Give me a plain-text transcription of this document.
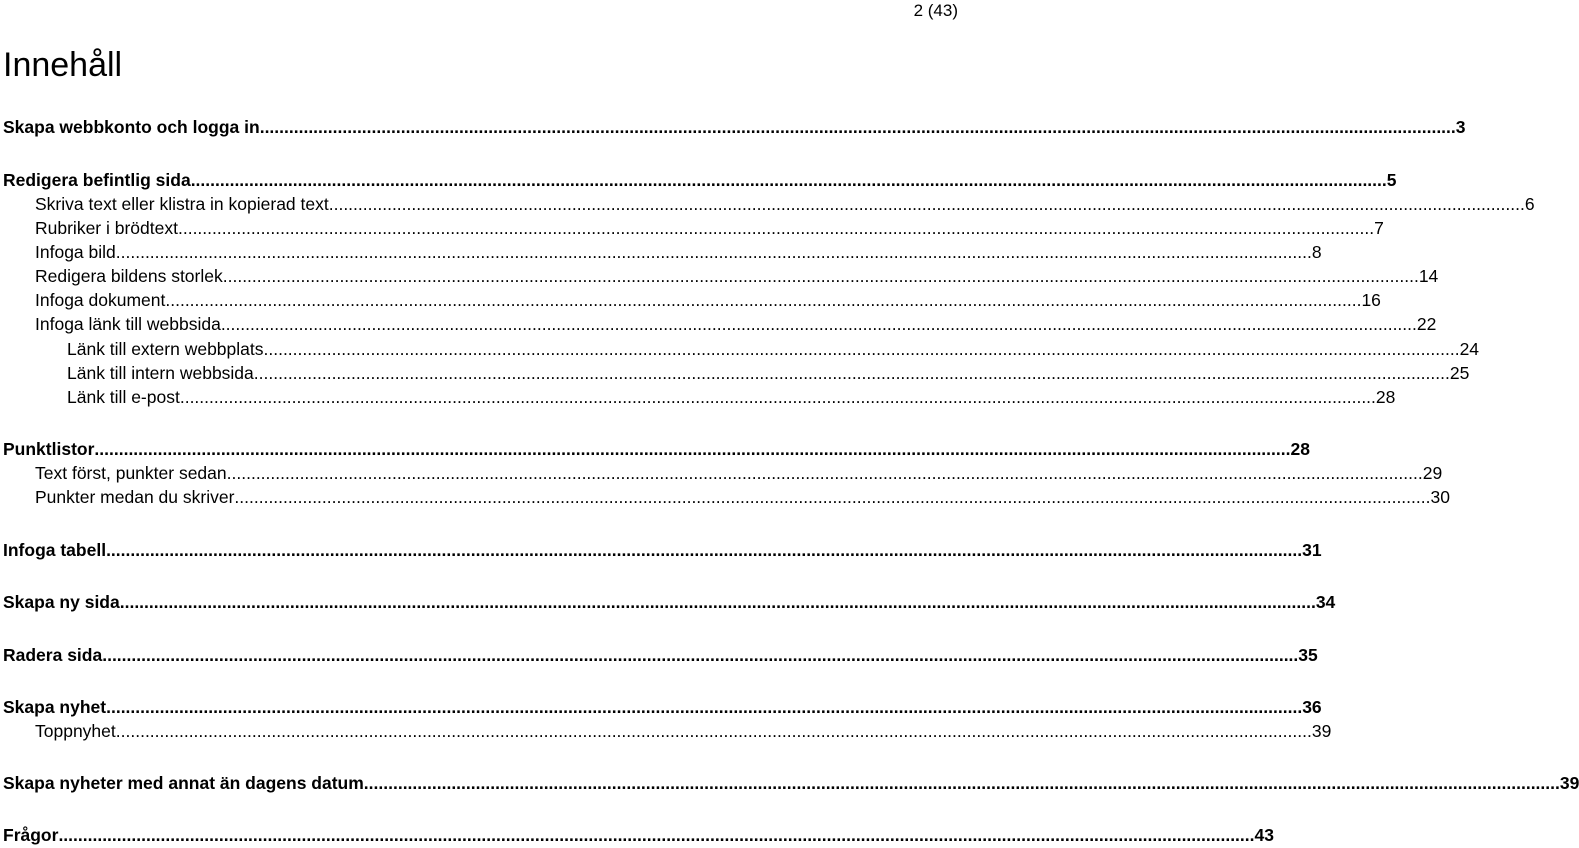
2 (43)
Innehåll
Skapa webbkonto och logga in ...................................................................................................................................................................................................................................................... 3
Redigera befintlig sida ...................................................................................................................................................................................................................................................... 5
Skriva text eller klistra in kopierad text ...................................................................................................................................................................................................................................................... 6
Rubriker i brödtext ...................................................................................................................................................................................................................................................... 7
Infoga bild ...................................................................................................................................................................................................................................................... 8
Redigera bildens storlek ...................................................................................................................................................................................................................................................... 14
Infoga dokument ...................................................................................................................................................................................................................................................... 16
Infoga länk till webbsida ...................................................................................................................................................................................................................................................... 22
Länk till extern webbplats ...................................................................................................................................................................................................................................................... 24
Länk till intern webbsida ...................................................................................................................................................................................................................................................... 25
Länk till e-post ...................................................................................................................................................................................................................................................... 28
Punktlistor ...................................................................................................................................................................................................................................................... 28
Text först, punkter sedan ...................................................................................................................................................................................................................................................... 29
Punkter medan du skriver ...................................................................................................................................................................................................................................................... 30
Infoga tabell ...................................................................................................................................................................................................................................................... 31
Skapa ny sida ...................................................................................................................................................................................................................................................... 34
Radera sida ...................................................................................................................................................................................................................................................... 35
Skapa nyhet ...................................................................................................................................................................................................................................................... 36
Toppnyhet ...................................................................................................................................................................................................................................................... 39
Skapa nyheter med annat än dagens datum ...................................................................................................................................................................................................................................................... 39
Frågor ...................................................................................................................................................................................................................................................... 43
